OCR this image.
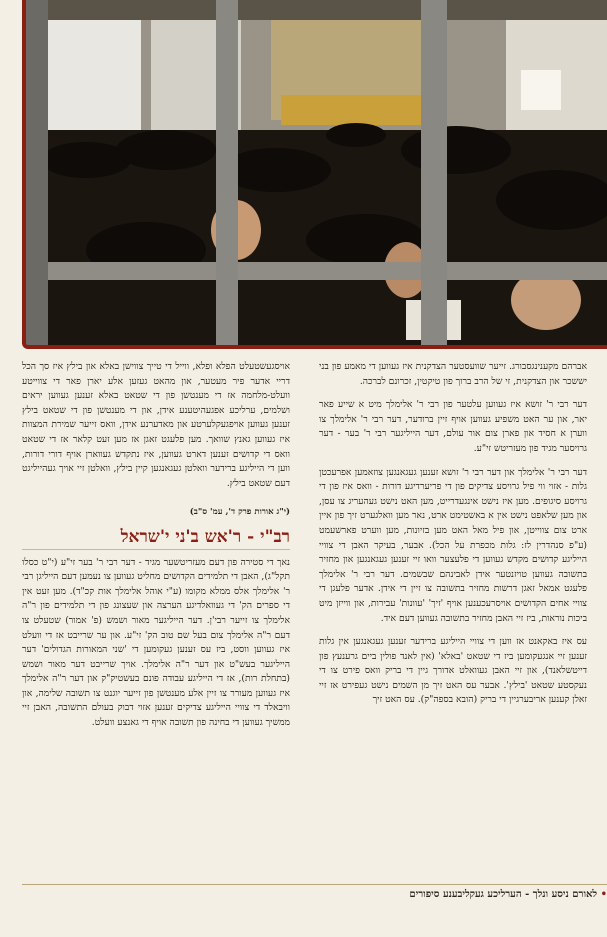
אברהם מקענינגסבורג. זייער שוועסטער הצדקנית איז געווען די מאמע פון בני יששכר און הצדקנית, זי של הרב ברוך פון טיקטין, זכרונם לברכה.

דער רבי ר' זושא איז געווען עלטער פון רבי ר' אלימלך מיט א שייע פאר יאר, און ער האט משפיע געווען אויף זיין ברודער, דער רבי ר' אלימלך צו ווערן א חסיד און פארן צום אור עולם, דער הייליגער רבי ר' בער - דער גרויסער מגיד פון מעזריטש זי"ע.

דער רבי ר' אלימלך און דער רבי ר' זושא זענען געגאנגען צוזאמען אפרעכטן גלות - אזוי ווי פיל גרויסע צדיקים פון די פריערדיגע דורות - וואס איז פון די גרויסע סיגופים. מען איז נישט אינגעדרייט, מען האט נישט געהעריג צו עסן, און מען שלאפט נישט אין א באשטימט ארט, נאר מען וואלגערט זיך פון איין ארט צום צווייטן, און פיל מאל האט מען בזיונות, מען ווערט פארשעמט (ע"פ סנהדרין לז: גלות מכפרת על הכל). אבער, בעיקר האבן די צוויי הייליגע קדושים מקדש געווען די פלעצער וואו זיי זענען געגאנגען און מחזיר בתשובה געווען טויזנטער אידן לאבינהם שבשמים. דער רבי ר' אלימלך פלעגט אמאל זאגן דרשות מחזיר בתשובה צו זיין די אידן. אדער פלעגן די צוויי אחים הקדושים אויסרעכענען אויף 'זיך' 'עוונות' עבירות, און ווייזן מיט ביכות נוראות, ביז זיי האבן מחזיר בתשובה געווען דעם איד.

עס איז באקאנט אז ווען די צוויי הייליגע ברידער זענען געגאנגען אין גלות זענען זיי אנגעקומען ביז די שטאט 'באלא' (אין לאנד פולין ביים גרענעץ פון דייטשלאנד), און זיי האבן געוואלט אדורך גיין די בריק וואס פירט צו די נעקסטע שטאט 'בילץ'. אבער עס האט זיך מן השמים נישט געפירט אז זיי זאלן קענען אריבערגיין די בריק (הובא בספה"ק). עס האט זיך

אויסגעשטעלט הפלא ופלא, ווייל די טייך צווישן באלא און בילץ איז סך הכל דריי אדער פיר מעטער, און מהאט געזען אלע יארן פאר די צווייטע וועלט-מלחמה אז די מענטשן פון די שטאט באלא זענען געווען יראים ושלמים, ערליכע אפגעהיטענע אידן, און די מענטשן פון די שטאט בילץ זענען געווען אויפגעקלערטע און מאדערנע אידן, וואס זייער שמירת המצוות איז געווען גאנץ שוואך. מען פלעגט זאגן אז מען זעט קלאר אז די שטאט וואס די קדושים זענען דארט געווען, איז נתקדש געווארן אויף דורי דורות, ווען די הייליגע ברידער וואלטן געגאנגען קיין בילץ, וואלטן זיי אויך געהייליגט דעם שטאט בילץ.

(י"ג אורות פרק ד', עמ' ס"ב)
רב"י - ר'אש ב'ני י'שראל

נאך די סטירה פון דעם מעזריטשער מגיד - דער רבי ר' בער זי"ע (י"ט כסלו תקל"ג), האבן די תלמידים הקדושים מחליט געווען צו נעמען דעם הייליגן רבי ר' אלימלך אלס ממלא מקומו (ע"י אוהל אלימלך אות קכ"ד). מען זעט אין די ספרים הק' די געוואלדיגע הערצה און שעצונג פון די תלמידים פון ר"ה אלימלך צו זייער רבי'ן. דער הייליגער מאור ושמש (פ' אמור) שטעלט צו דעם ר"ה אלימלך צום בעל שם טוב הק' זי"ע. און ער שרייבט אז די וועלט איז געווען ווסט, ביז עס זענען געקומען די 'שני המאורות הגדולים' דער הייליגער בעש"ט און דער ר"ה אלימלך. אויך שרייבט דער מאור ושמש (בתחלת רות), אז די הייליגע עבודה פונם בעשטיק"ק און דער ר"ה אלימלך איז געווען מעורר צו זיין אלע מענטשן פון זייער יוגנט צו תשובה שלימה, און וויבאלד די צוויי הייליגע צדיקים זענען אזוי דבוק בעולם התשובה, האבן זיי ממשיך געווען די בחינה פון תשובה אויף די גאנצע וועלט.

• לאורם ניסע ונלך - הערליכע געקליבענע סיפורים
